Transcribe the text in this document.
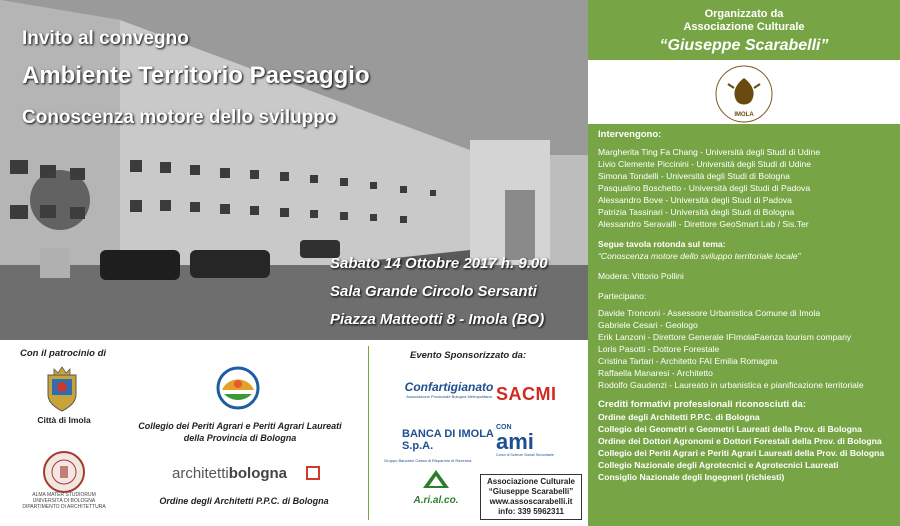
Invito al convegno
Ambiente Territorio Paesaggio
Conoscenza motore dello sviluppo
Sabato 14 Ottobre 2017 h. 9.00
Sala Grande Circolo Sersanti
Piazza Matteotti 8 - Imola (BO)
Organizzato da
Associazione Culturale
“Giuseppe Scarabelli”
IMOLA
Intervengono:
Margherita Ting Fa Chang - Università degli Studi di Udine
Livio Clemente Piccinini - Università degli Studi di Udine
Simona Tondelli - Università degli Studi di Bologna
Pasqualino Boschetto - Università degli Studi di Padova
Alessandro Bove - Università degli Studi di Padova
Patrizia Tassinari - Università degli Studi di Bologna
Alessandro Seravalli - Direttore GeoSmart Lab / Sis.Ter
Segue tavola rotonda sul tema:
“Conoscenza motore dello sviluppo territoriale locale”
Modera: Vittorio Pollini
Partecipano:
Davide Tronconi - Assessore Urbanistica Comune di Imola
Gabriele Cesari - Geologo
Erik Lanzoni - Direttore Generale IFImolaFaenza tourism company
Loris Pasotti - Dottore Forestale
Cristina Tartari - Architetto FAI Emilia Romagna
Raffaella Manaresi - Architetto
Rodolfo Gaudenzi - Laureato in urbanistica e pianificazione territoriale
Crediti formativi professionali riconosciuti da:
Ordine degli Architetti P.P.C. di Bologna
Collegio dei Geometri e Geometri Laureati della Prov. di Bologna
Ordine dei Dottori Agronomi e Dottori Forestali della Prov. di Bologna
Collegio dei Periti Agrari e Periti Agrari Laureati della Prov. di Bologna
Collegio Nazionale degli Agrotecnici e Agrotecnici Laureati
Consiglio Nazionale degli Ingegneri (richiesti)
Con il patrocinio di
Città di Imola
ALMA MATER STUDIORUM UNIVERSITÀ DI BOLOGNA DIPARTIMENTO DI ARCHITETTURA
Collegio dei Periti Agrari e Periti Agrari Laureati
della Provincia di Bologna
architettibologna
Ordine degli Architetti P.P.C. di Bologna
Evento Sponsorizzato da:
Confartigianato
Associazione Provinciale Bologna Metropolitana SACMI
BANCA DI IMOLA S.p.A.
Gruppo Bancario Cassa di Risparmio di Ravenna
CON
ami
Corso di Scienze Sociali Secondarie
A.ri.al.co.
Associazione Culturale
“Giuseppe Scarabelli”
www.assoscarabelli.it
info: 339 5962311
